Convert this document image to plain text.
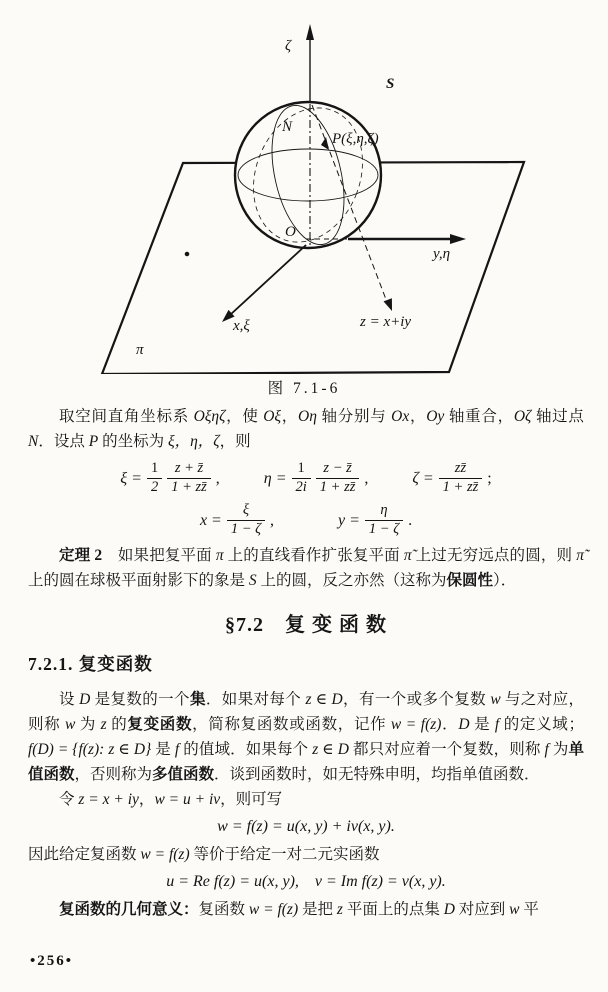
ζ
S
N
P(ξ,η,ζ)
O
y,η
x,ξ	z = x+iy
π
图 7.1-6

取空间直角坐标系 Oξηζ，使 Oξ，Oη 轴分别与 Ox，Oy 轴重合，Oζ 轴过点 N．设点 P 的坐标为 ξ，η，ζ，则

$\xi = \frac{1}{2} \frac{z + z̄}{1 + zz̄}$ ,	$\eta = \frac{1}{2i} \frac{z - z̄}{1 + zz̄}$ ,	$\zeta = \frac{zz̄}{1 + zz̄}$ ;
$x = \frac{\xi}{1 - \zeta}$ ,	$y = \frac{\eta}{1 - \zeta}$ .

定理 2　如果把复平面 π 上的直线看作扩张复平面 π̃ 上过无穷远点的圆，则 π̃ 上的圆在球极平面射影下的象是 S 上的圆，反之亦然（这称为保圆性）．

§7.2　复 变 函 数
7.2.1. 复变函数

设 D 是复数的一个集．如果对每个 z ∈ D，有一个或多个复数 w 与之对应，则称 w 为 z 的复变函数，简称复函数或函数，记作 w = f(z)．D 是 f 的定义域；f(D) = {f(z): z ∈ D} 是 f 的值域．如果每个 z ∈ D 都只对应着一个复数，则称 f 为单值函数，否则称为多值函数．谈到函数时，如无特殊申明，均指单值函数．

令 z = x + iy，w = u + iv，则可写

w = f(z) = u(x, y) + iv(x, y).

因此给定复函数 w = f(z) 等价于给定一对二元实函数

u = Re f(z) = u(x, y),　v = Im f(z) = v(x, y).

复函数的几何意义：复函数 w = f(z) 是把 z 平面上的点集 D 对应到 w 平

•256•
